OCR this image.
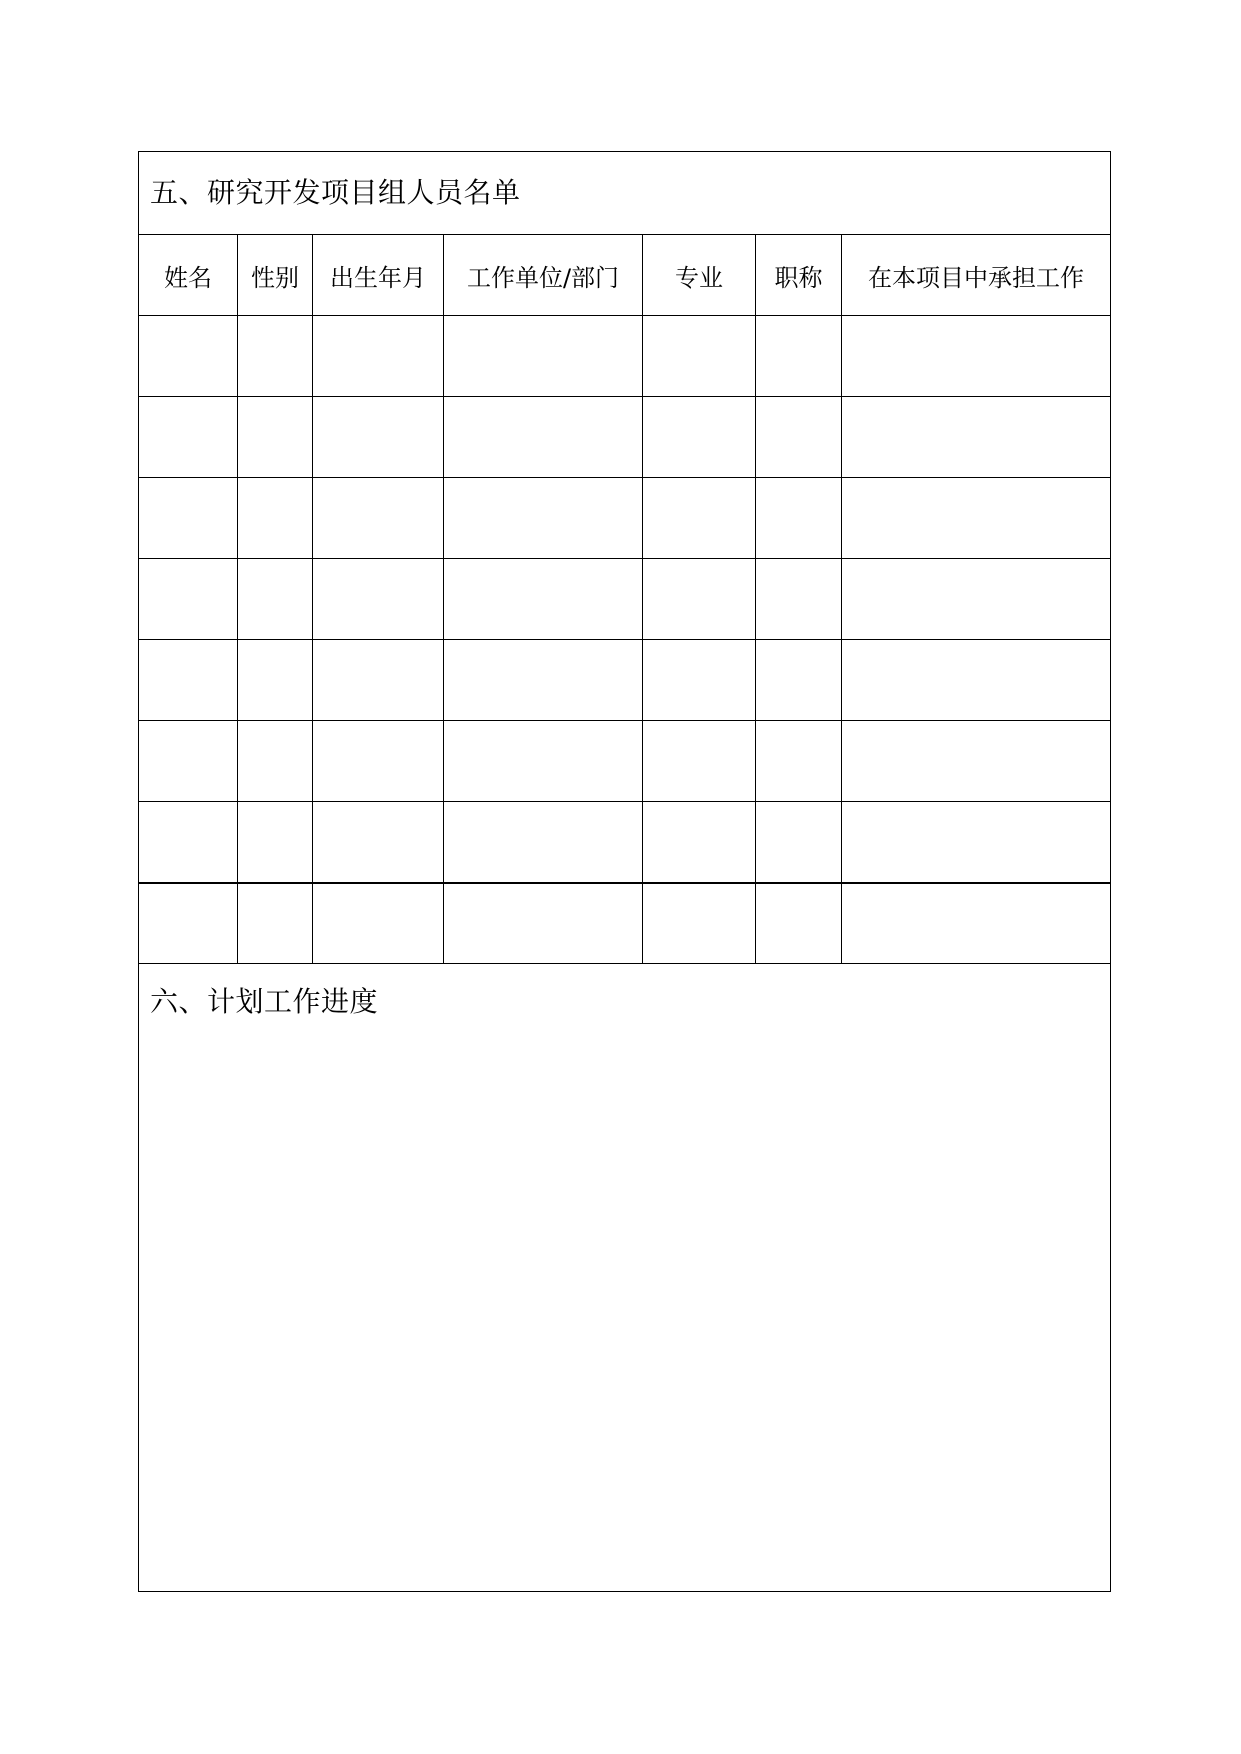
五、研究开发项目组人员名单						

姓名	性别	出生年月	工作单位/部门	专业	职称	在本项目中承担工作

六、计划工作进度						
